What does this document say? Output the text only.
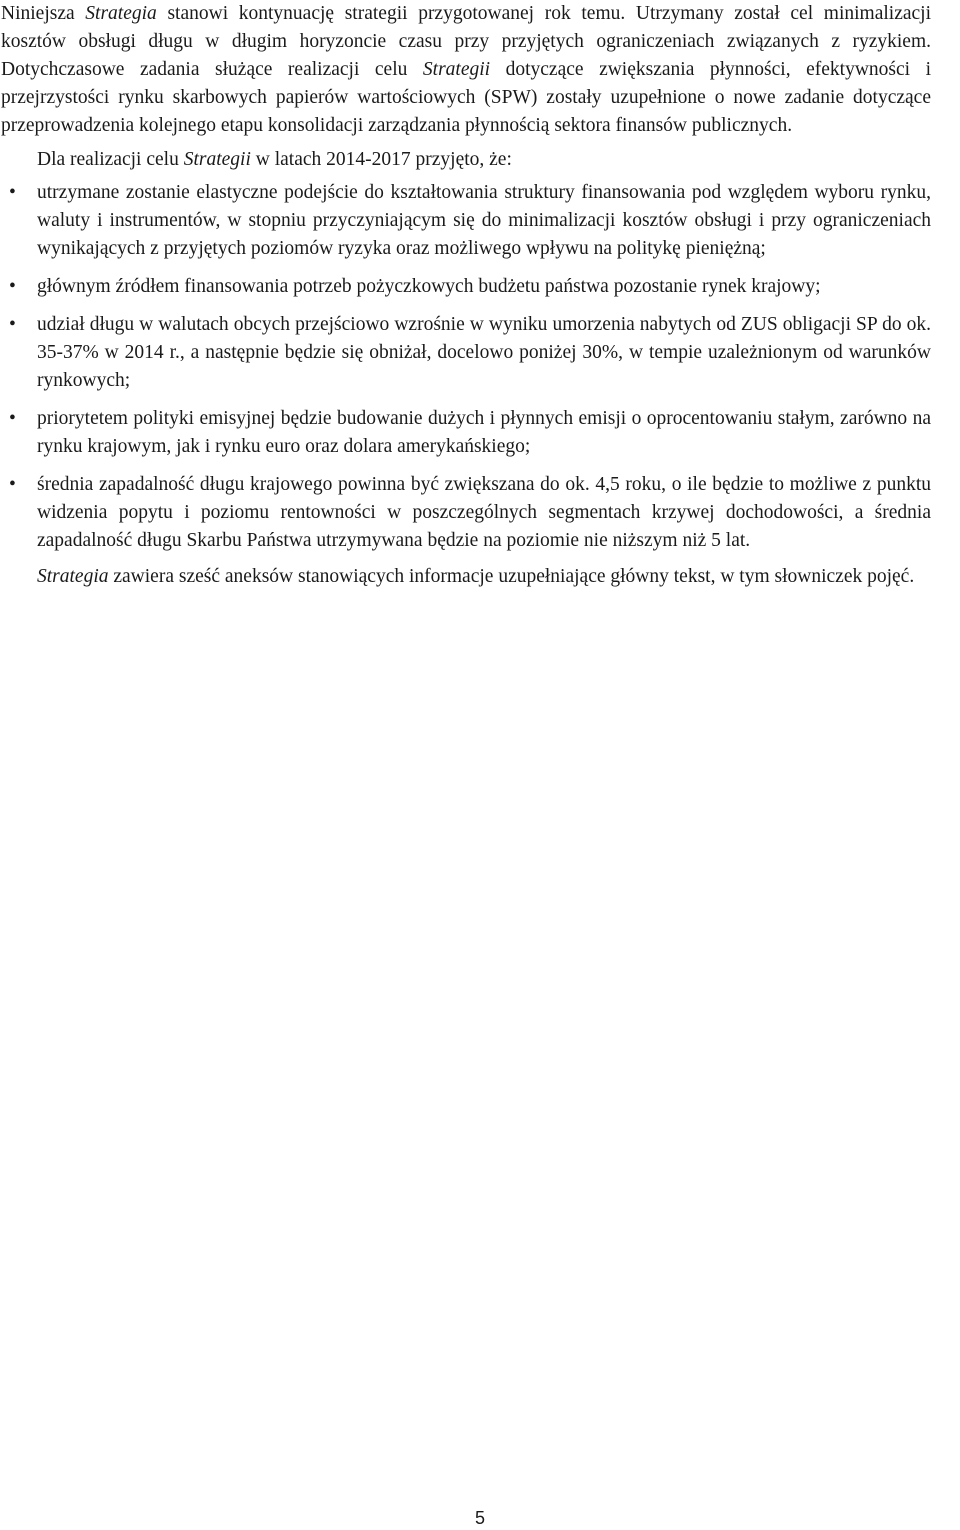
Niniejsza Strategia stanowi kontynuację strategii przygotowanej rok temu. Utrzymany został cel minimalizacji kosztów obsługi długu w długim horyzoncie czasu przy przyjętych ograniczeniach związanych z ryzykiem. Dotychczasowe zadania służące realizacji celu Strategii dotyczące zwiększania płynności, efektywności i przejrzystości rynku skarbowych papierów wartościowych (SPW) zostały uzupełnione o nowe zadanie dotyczące przeprowadzenia kolejnego etapu konsolidacji zarządzania płynnością sektora finansów publicznych.

Dla realizacji celu Strategii w latach 2014-2017 przyjęto, że:

• utrzymane zostanie elastyczne podejście do kształtowania struktury finansowania pod względem wyboru rynku, waluty i instrumentów, w stopniu przyczyniającym się do minimalizacji kosztów obsługi i przy ograniczeniach wynikających z przyjętych poziomów ryzyka oraz możliwego wpływu na politykę pieniężną;
• głównym źródłem finansowania potrzeb pożyczkowych budżetu państwa pozostanie rynek krajowy;
• udział długu w walutach obcych przejściowo wzrośnie w wyniku umorzenia nabytych od ZUS obligacji SP do ok. 35-37% w 2014 r., a następnie będzie się obniżał, docelowo poniżej 30%, w tempie uzależnionym od warunków rynkowych;
• priorytetem polityki emisyjnej będzie budowanie dużych i płynnych emisji o oprocentowaniu stałym, zarówno na rynku krajowym, jak i rynku euro oraz dolara amerykańskiego;
• średnia zapadalność długu krajowego powinna być zwiększana do ok. 4,5 roku, o ile będzie to możliwe z punktu widzenia popytu i poziomu rentowności w poszczególnych segmentach krzywej dochodowości, a średnia zapadalność długu Skarbu Państwa utrzymywana będzie na poziomie nie niższym niż 5 lat.

Strategia zawiera sześć aneksów stanowiących informacje uzupełniające główny tekst, w tym słowniczek pojęć.

5
